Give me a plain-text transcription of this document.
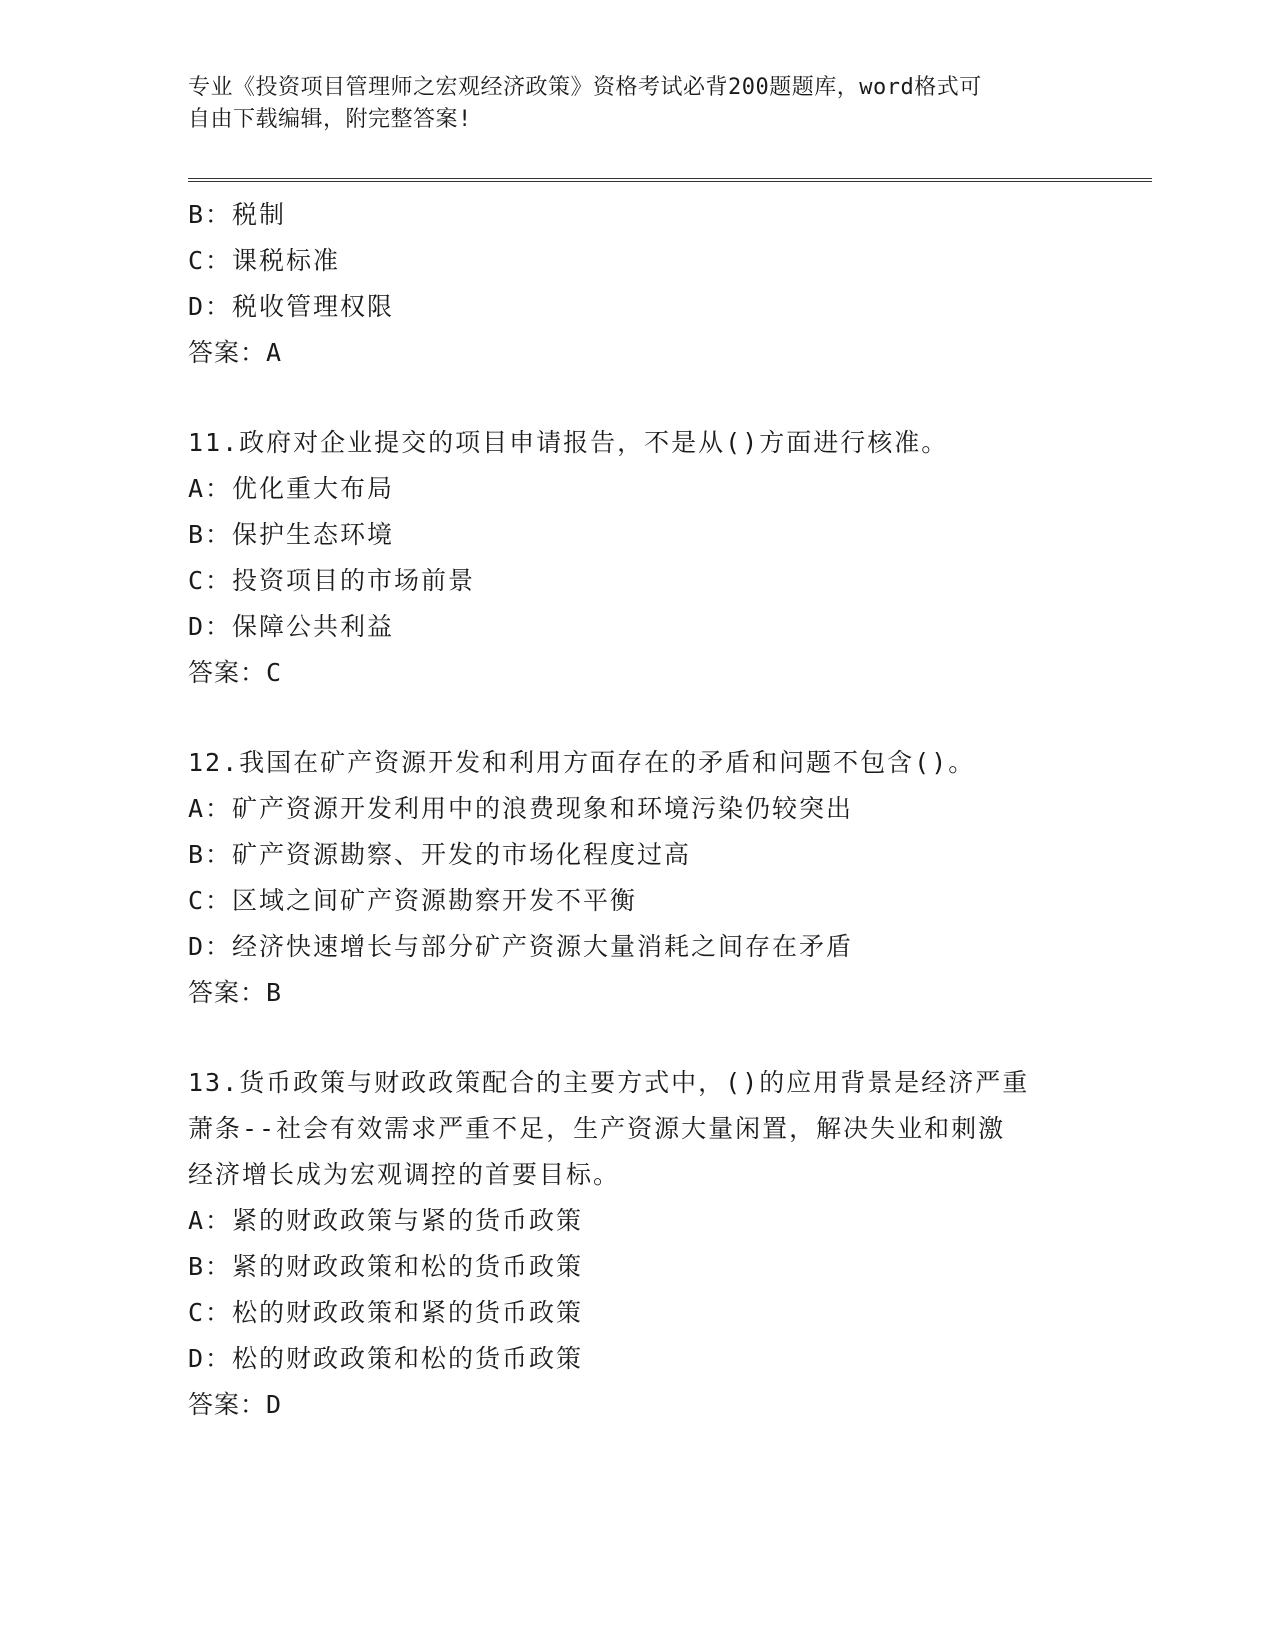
专业《投资项目管理师之宏观经济政策》资格考试必背200题题库，word格式可
自由下载编辑，附完整答案!
B：税制
C：课税标准
D：税收管理权限
答案：A
11.政府对企业提交的项目申请报告，不是从()方面进行核准。
A：优化重大布局
B：保护生态环境
C：投资项目的市场前景
D：保障公共利益
答案：C
12.我国在矿产资源开发和利用方面存在的矛盾和问题不包含()。
A：矿产资源开发利用中的浪费现象和环境污染仍较突出
B：矿产资源勘察、开发的市场化程度过高
C：区域之间矿产资源勘察开发不平衡
D：经济快速增长与部分矿产资源大量消耗之间存在矛盾
答案：B
13.货币政策与财政政策配合的主要方式中，()的应用背景是经济严重
萧条--社会有效需求严重不足，生产资源大量闲置，解决失业和刺激
经济增长成为宏观调控的首要目标。
A：紧的财政政策与紧的货币政策
B：紧的财政政策和松的货币政策
C：松的财政政策和紧的货币政策
D：松的财政政策和松的货币政策
答案：D
